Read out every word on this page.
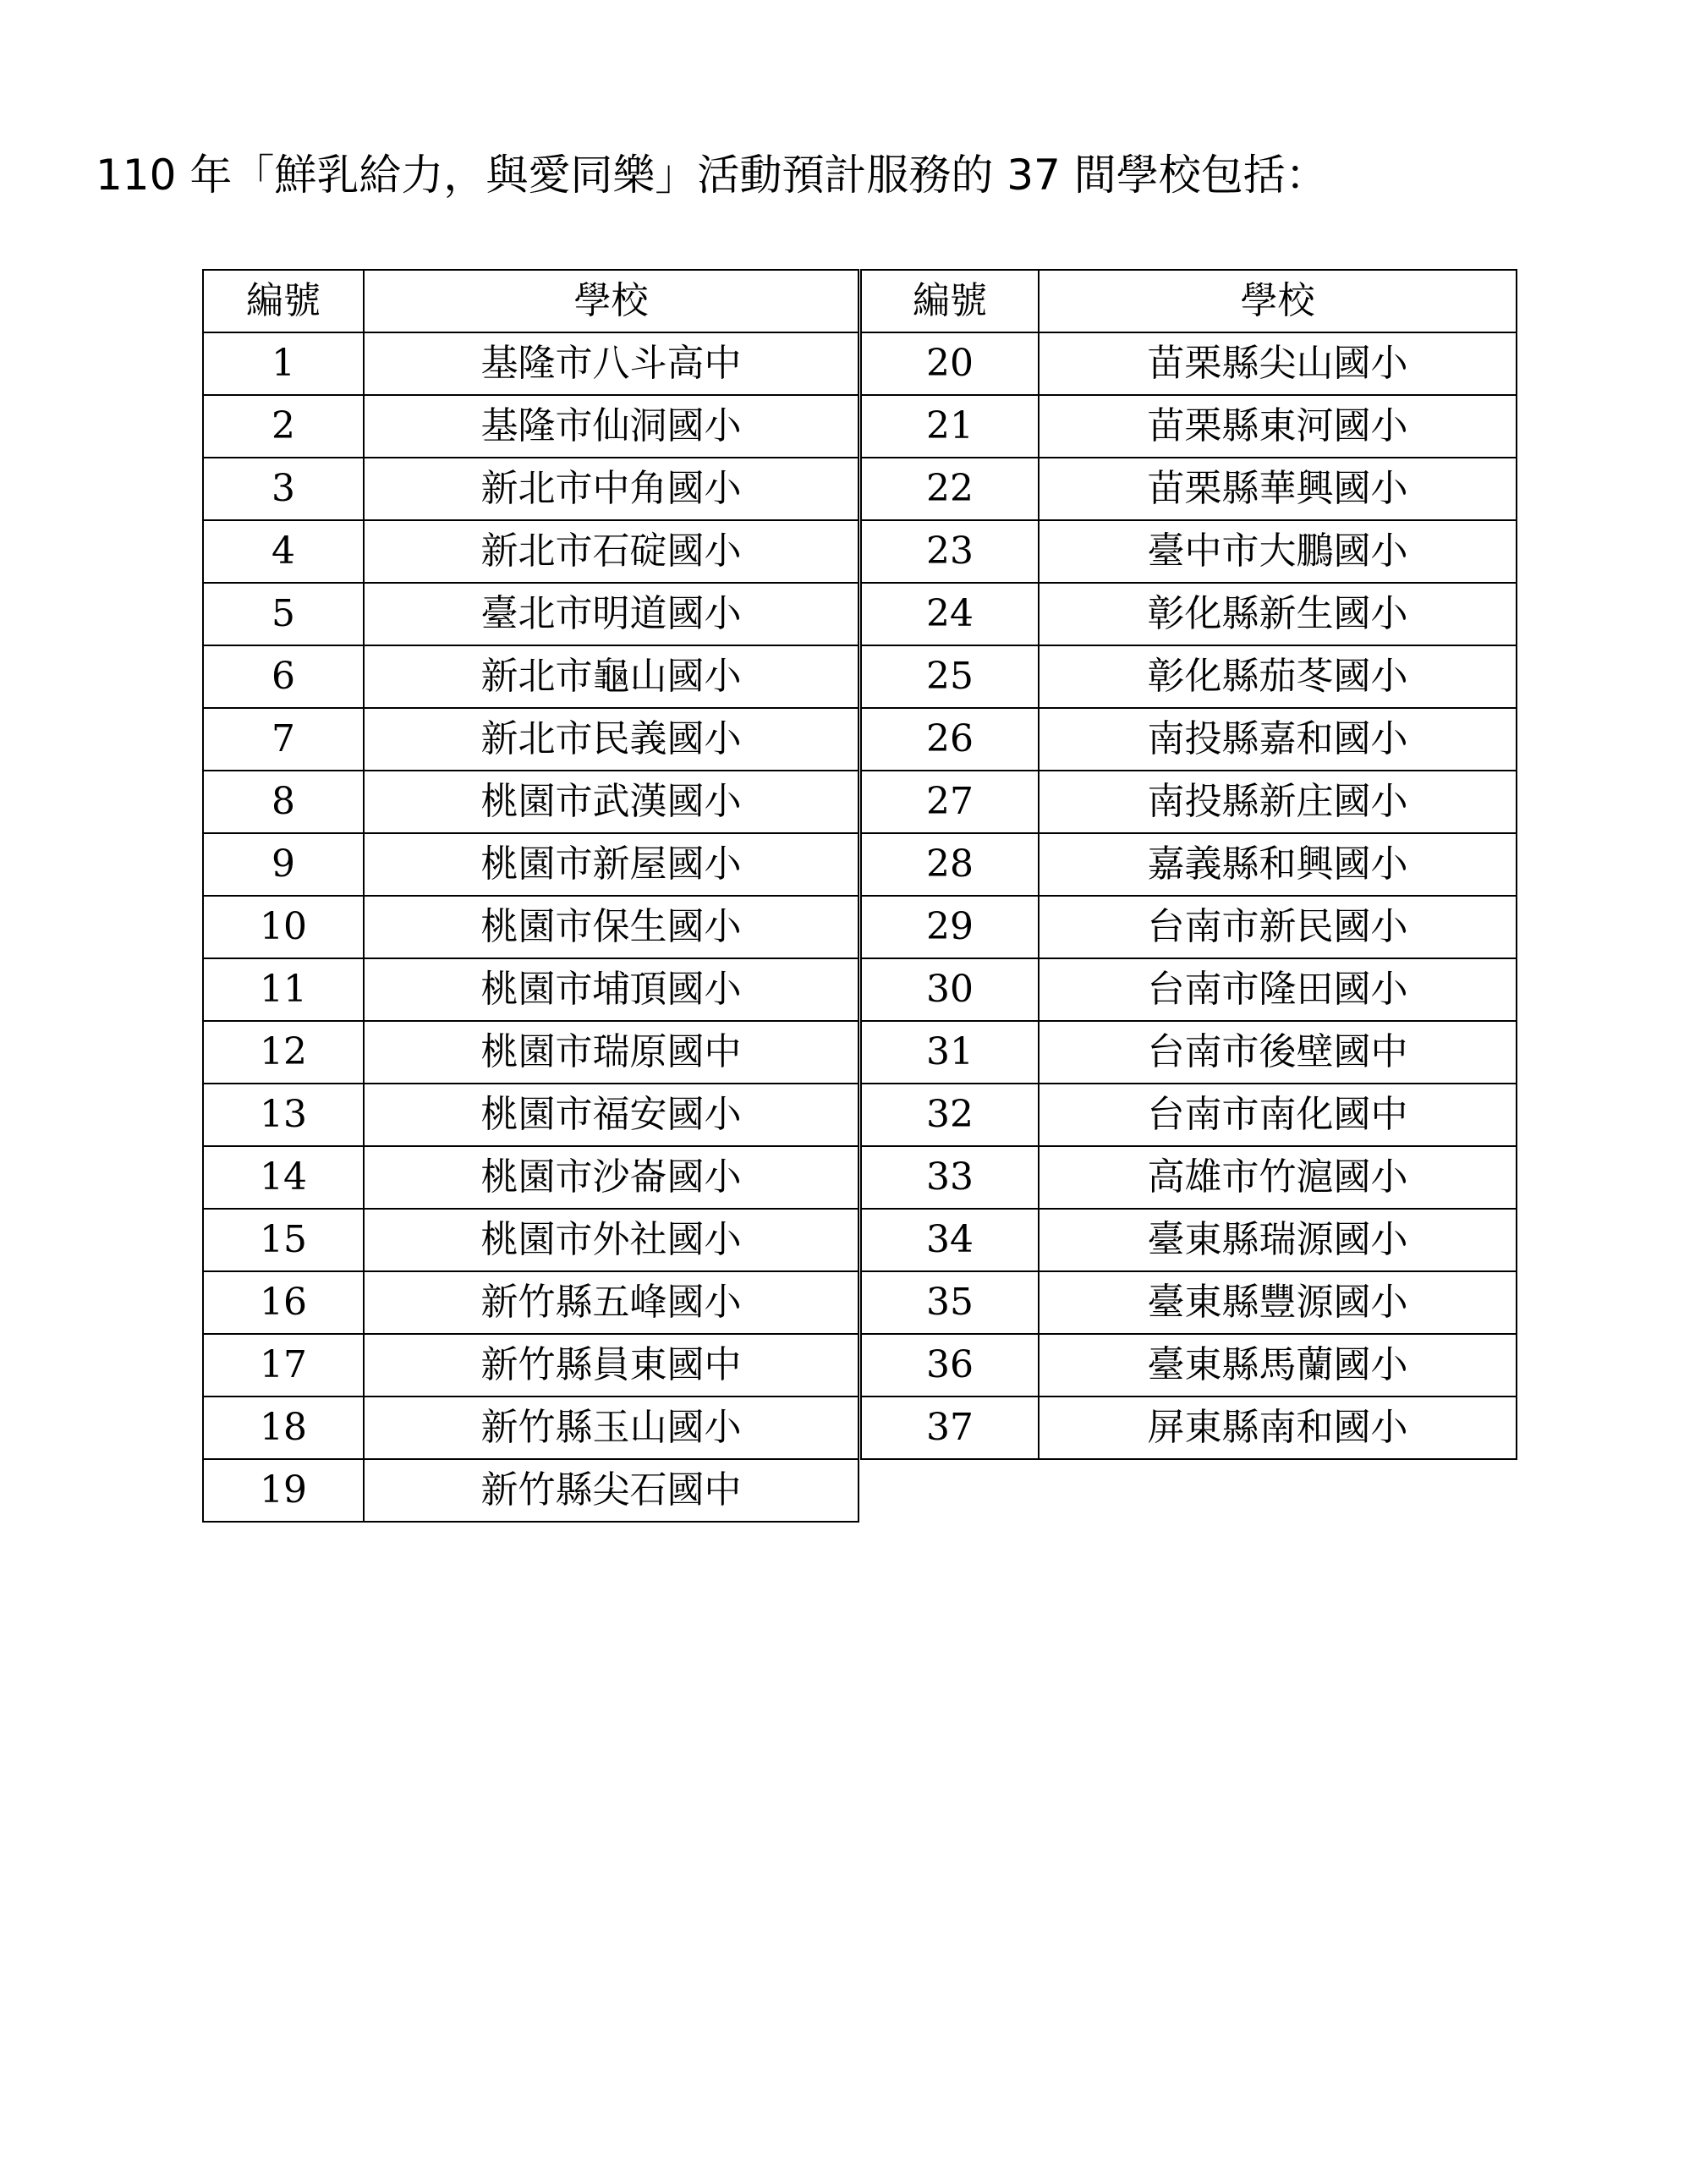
110 年「鮮乳給力，與愛同樂」活動預計服務的 37 間學校包括：
編號	學校
1	基隆市八斗高中
2	基隆市仙洞國小
3	新北市中角國小
4	新北市石碇國小
5	臺北市明道國小
6	新北市龜山國小
7	新北市民義國小
8	桃園市武漢國小
9	桃園市新屋國小
10	桃園市保生國小
11	桃園市埔頂國小
12	桃園市瑞原國中
13	桃園市福安國小
14	桃園市沙崙國小
15	桃園市外社國小
16	新竹縣五峰國小
17	新竹縣員東國中
18	新竹縣玉山國小
19	新竹縣尖石國中
編號	學校
20	苗栗縣尖山國小
21	苗栗縣東河國小
22	苗栗縣華興國小
23	臺中市大鵬國小
24	彰化縣新生國小
25	彰化縣茄苳國小
26	南投縣嘉和國小
27	南投縣新庄國小
28	嘉義縣和興國小
29	台南市新民國小
30	台南市隆田國小
31	台南市後壁國中
32	台南市南化國中
33	高雄市竹滬國小
34	臺東縣瑞源國小
35	臺東縣豐源國小
36	臺東縣馬蘭國小
37	屏東縣南和國小
